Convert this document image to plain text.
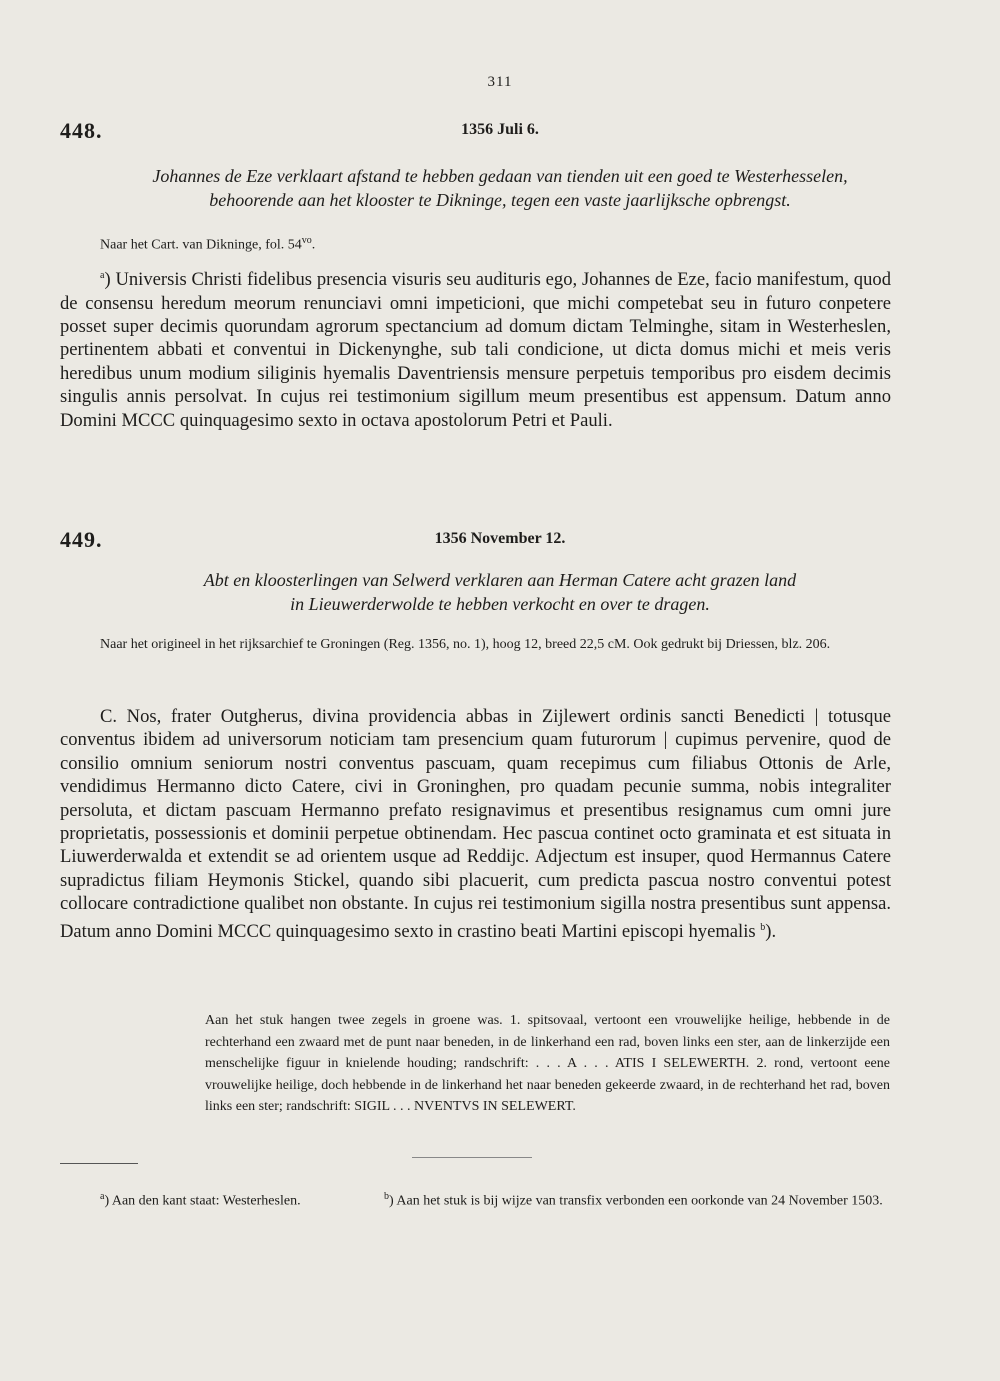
311
448.	1356 Juli 6.

Johannes de Eze verklaart afstand te hebben gedaan van tienden uit een goed te Westerhesselen,

behoorende aan het klooster te Dikninge, tegen een vaste jaarlijksche opbrengst.

Naar het Cart. van Dikninge, fol. $54^{vo}$.
$^a$) Universis Christi fidelibus presencia visuris seu audituris ego, Johannes de Eze, facio manifestum, quod de consensu heredum meorum renunciavi omni impeticioni, que michi competebat seu in futuro conpetere posset super decimis quorundam agrorum spectancium ad domum dictam Telminghe, sitam in Westerheslen, pertinentem abbati et conventui in Dickenynghe, sub tali condicione, ut dicta domus michi et meis veris heredibus unum modium siliginis hyemalis Daventriensis mensure perpetuis temporibus pro eisdem decimis singulis annis persolvat. In cujus rei testimonium sigillum meum presentibus est appensum. Datum anno Domini MCCC quinquagesimo sexto in octava apostolorum Petri et Pauli.
449.	1356 November 12.

Abt en kloosterlingen van Selwerd verklaren aan Herman Catere acht grazen land

in Lieuwerderwolde te hebben verkocht en over te dragen.

Naar het origineel in het rijksarchief te Groningen (Reg. 1356, no. 1), hoog 12, breed 22,5 cM. Ook gedrukt bij Driessen, blz. 206.
C. Nos, frater Outgherus, divina providencia abbas in Zijlewert ordinis sancti Benedicti | totusque conventus ibidem ad universorum noticiam tam presencium quam futurorum | cupimus pervenire, quod de consilio omnium seniorum nostri conventus pascuam, quam recepimus cum filiabus Ottonis de Arle, vendidimus Hermanno dicto Catere, civi in Groninghen, pro quadam pecunie summa, nobis integraliter persoluta, et dictam pascuam Hermanno prefato resignavimus et presentibus resignamus cum omni jure proprietatis, possessionis et dominii perpetue obtinendam. Hec pascua continet octo graminata et est situata in Liuwerderwalda et extendit se ad orientem usque ad Reddijc. Adjectum est insuper, quod Hermannus Catere supradictus filiam Heymonis Stickel, quando sibi placuerit, cum predicta pascua nostro conventui potest collocare contradictione qualibet non obstante. In cujus rei testimonium sigilla nostra presentibus sunt appensa. Datum anno Domini MCCC quinquagesimo sexto in crastino beati Martini episcopi hyemalis $^b$).
Aan het stuk hangen twee zegels in groene was. 1. spitsovaal, vertoont een vrouwelijke heilige, hebbende in de rechterhand een zwaard met de punt naar beneden, in de linkerhand een rad, boven links een ster, aan de linkerzijde een menschelijke figuur in knielende houding; randschrift: . . . A . . . ATIS I SELEWERTH. 2. rond, vertoont eene vrouwelijke heilige, doch hebbende in de linkerhand het naar beneden gekeerde zwaard, in de rechterhand het rad, boven links een ster; randschrift: SIGIL . . . NVENTVS IN SELEWERT.
$^a$) Aan den kant staat: Westerheslen.	$^b$) Aan het stuk is bij wijze van transfix verbonden een oorkonde van 24 November 1503.
